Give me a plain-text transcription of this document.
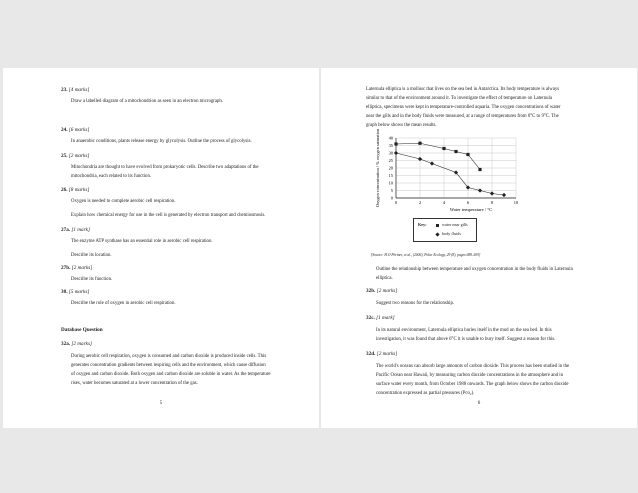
23. [4 marks]
Draw a labelled diagram of a mitochondrion as seen in an electron micrograph.
24. [6 marks]
In anaerobic conditions, plants release energy by glycolysis. Outline the process of glycolysis.
25. [2 marks]
Mitochondria are thought to have evolved from prokaryotic cells. Describe two adaptations of the
mitochondria, each related to its function.
26. [8 marks]
Oxygen is needed to complete aerobic cell respiration.
Explain how chemical energy for use in the cell is generated by electron transport and chemiosmosis.
27a. [1 mark]
The enzyme ATP synthase has an essential role in aerobic cell respiration.
Describe its location.
27b. [2 marks]
Describe its function.
30. [5 marks]
Describe the role of oxygen in aerobic cell respiration.
Database Question
32a. [2 marks]
During aerobic cell respiration, oxygen is consumed and carbon dioxide is produced inside cells. This
generates concentration gradients between respiring cells and the environment, which cause diffusion
of oxygen and carbon dioxide. Both oxygen and carbon dioxide are soluble in water. As the temperature
rises, water becomes saturated at a lower concentration of the gas.
5
Laternula elliptica is a mollusc that lives on the sea bed in Antarctica. Its body temperature is always
similar to that of the environment around it. To investigate the effect of temperature on Laternula
elliptica, specimens were kept in temperature-controlled aquaria. The oxygen concentrations of water
near the gills and in the body fluids were measured, at a range of temperatures from 0°C to 9°C. The
graph below shows the mean results.
0	2	4	6	8	10
0
5
10
15
20
25
30
35
40
Water temperature / °C
Oxygen concentration / % oxygen saturation
Key:	water near gills
body fluids
[Source: H.O Pörtner, et al., (2006), Polar Ecology, 29 (8), pages 688–693]
Outline the relationship between temperature and oxygen concentration in the body fluids in Laternula
elliptica.
32b. [2 marks]
Suggest two reasons for the relationship.
32c. [1 mark]
In its natural environment, Laternula elliptica buries itself in the mud on the sea bed. In this
investigation, it was found that above 6°C it is unable to bury itself. Suggest a reason for this.
32d. [2 marks]
The world's oceans can absorb large amounts of carbon dioxide. This process has been studied in the
Pacific Ocean near Hawaii, by measuring carbon dioxide concentrations in the atmosphere and in
surface water every month, from October 1988 onwards. The graph below shows the carbon dioxide
concentration expressed as partial pressures (Pco₂).
6
